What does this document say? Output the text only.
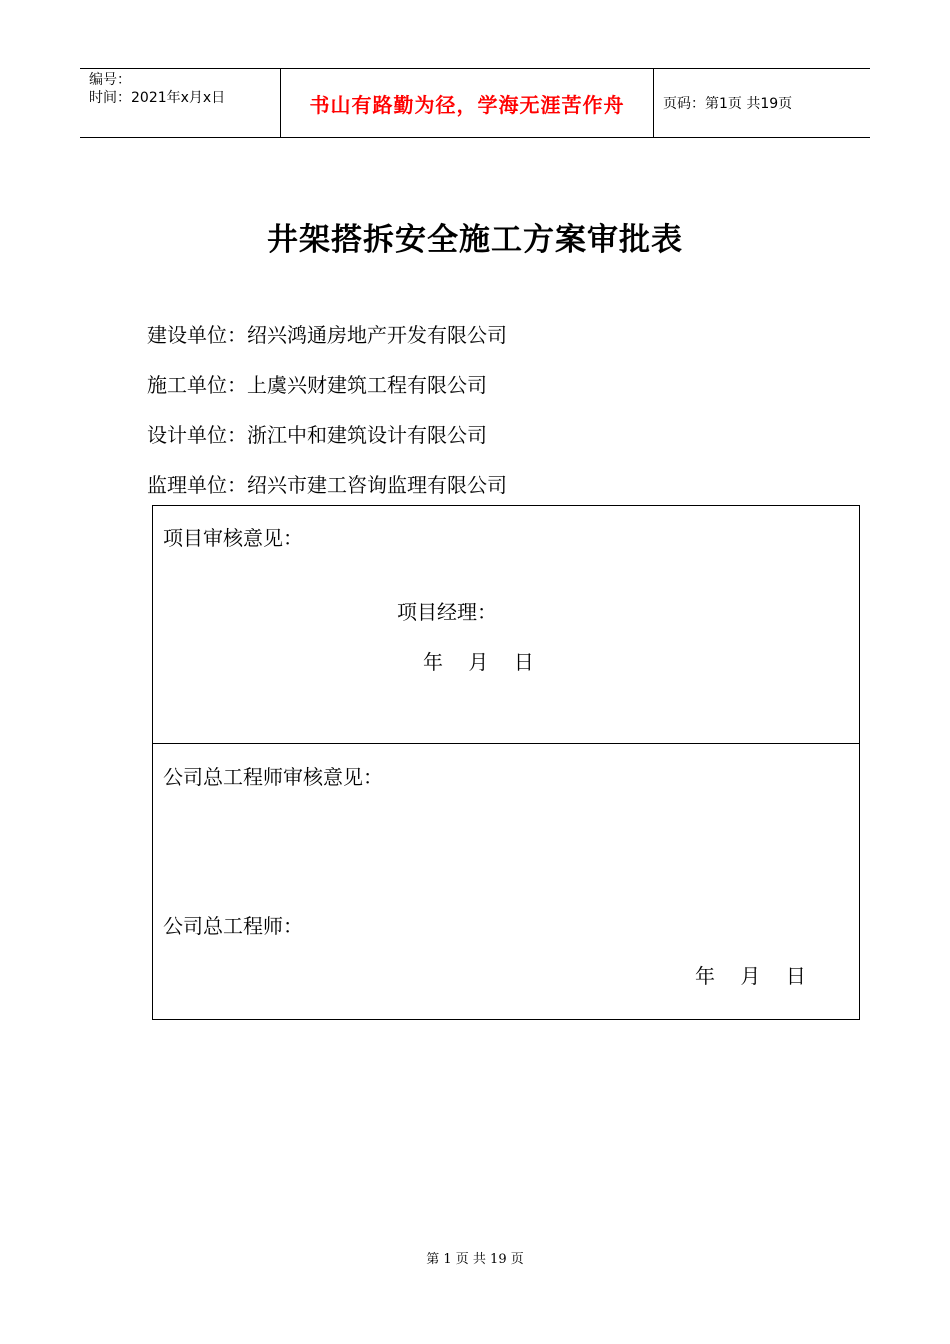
编号：
时间：2021年x月x日	书山有路勤为径，学海无涯苦作舟	页码：第1页 共19页
井架搭拆安全施工方案审批表
建设单位：绍兴鸿通房地产开发有限公司
施工单位：上虞兴财建筑工程有限公司
设计单位：浙江中和建筑设计有限公司
监理单位：绍兴市建工咨询监理有限公司
项目审核意见：
项目经理：
年    月    日
公司总工程师审核意见：
公司总工程师：
年    月    日
第 1 页 共 19 页
